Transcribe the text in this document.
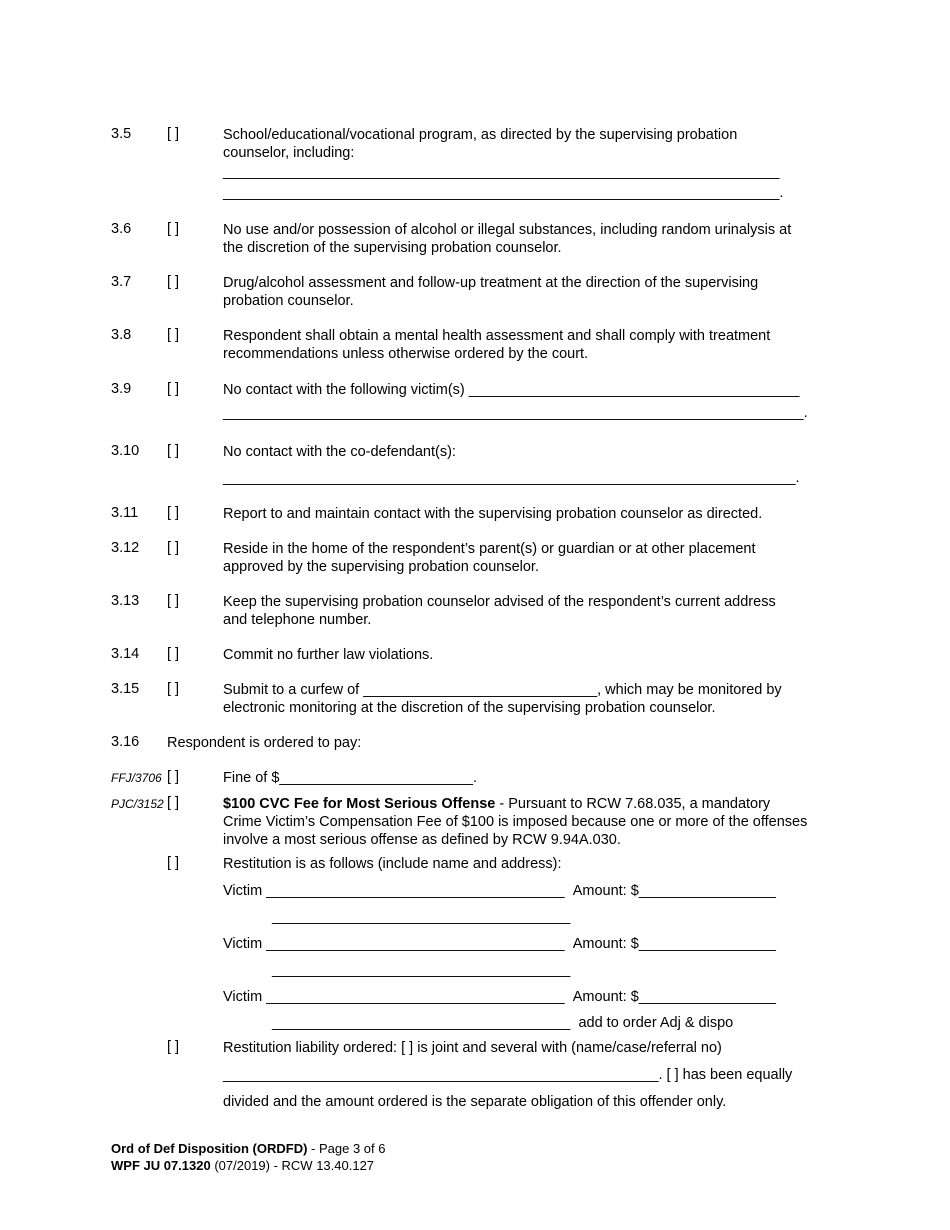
3.5 [ ]	School/educational/vocational program, as directed by the supervising probation
counselor, including:
_____________________________________________________________________
_____________________________________________________________________.
3.6 [ ]	No use and/or possession of alcohol or illegal substances, including random urinalysis at
the discretion of the supervising probation counselor.
3.7 [ ]	Drug/alcohol assessment and follow-up treatment at the direction of the supervising
probation counselor.
3.8 [ ]	Respondent shall obtain a mental health assessment and shall comply with treatment
recommendations unless otherwise ordered by the court.
3.9 [ ]	No contact with the following victim(s) _________________________________________
________________________________________________________________________.
3.10 [ ]	No contact with the co-defendant(s):
_______________________________________________________________________.
3.11 [ ]	Report to and maintain contact with the supervising probation counselor as directed.
3.12 [ ]	Reside in the home of the respondent’s parent(s) or guardian or at other placement
approved by the supervising probation counselor.
3.13 [ ]	Keep the supervising probation counselor advised of the respondent’s current address
and telephone number.
3.14 [ ]	Commit no further law violations.
3.15 [ ]	Submit to a curfew of _____________________________, which may be monitored by
electronic monitoring at the discretion of the supervising probation counselor.
3.16 Respondent is ordered to pay:
FFJ/3706 [ ]	Fine of $________________________.
PJC/3152 [ ]	$100 CVC Fee for Most Serious Offense - Pursuant to RCW 7.68.035, a mandatory
Crime Victim’s Compensation Fee of $100 is imposed because one or more of the offenses
involve a most serious offense as defined by RCW 9.94A.030.
[ ]	Restitution is as follows (include name and address):
Victim _____________________________________ Amount: $_________________
_____________________________________
Victim _____________________________________ Amount: $_________________
_____________________________________
Victim _____________________________________ Amount: $_________________
_____________________________________ add to order Adj & dispo
[ ]	Restitution liability ordered: [ ] is joint and several with (name/case/referral no)
______________________________________________________. [ ] has been equally
divided and the amount ordered is the separate obligation of this offender only.
Ord of Def Disposition (ORDFD) - Page 3 of 6
WPF JU 07.1320 (07/2019) - RCW 13.40.127
